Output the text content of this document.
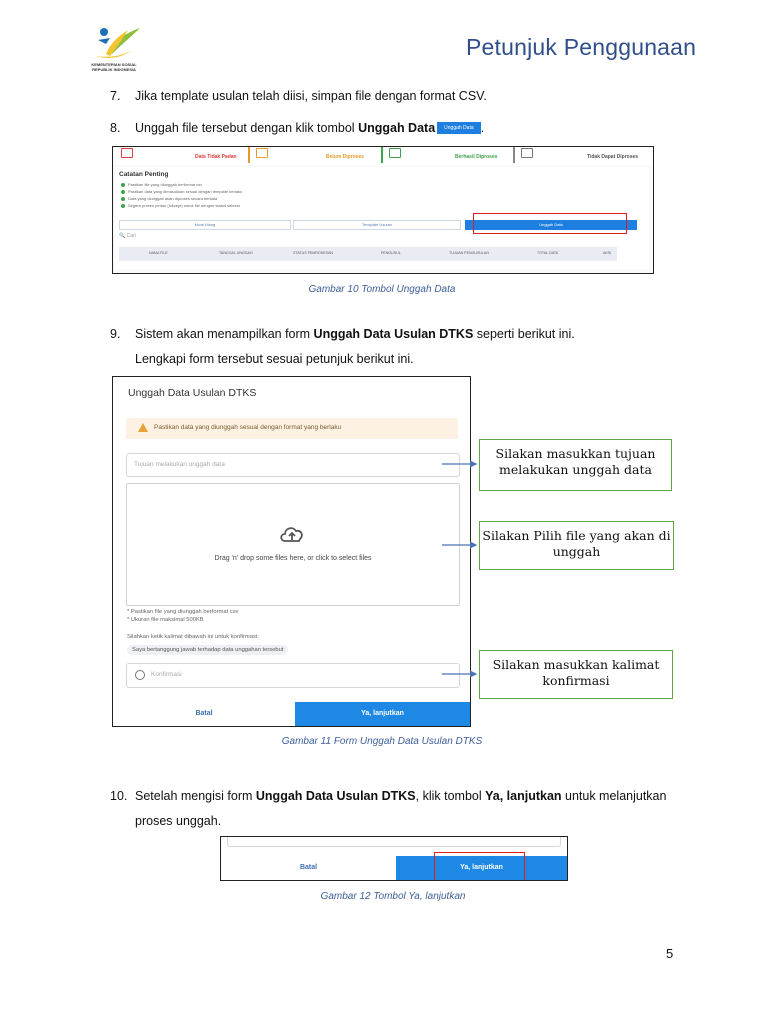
KEMENTERIAN SOSIAL REPUBLIK INDONESIA
Petunjuk Penggunaan
7. Jika template usulan telah diisi, simpan file dengan format CSV.
8. Unggah file tersebut dengan klik tombol Unggah Data Unggah Data .
Data Tidak Padan	Belum Diproses	Berhasil Diproses	Tidak Dapat Diproses
Catatan Penting
Pastikan file yang diunggah berformat csv
Pastikan data yang dimasukkan sesuai dengan template berlaku
Data yang diunggah akan diproses secara berkala
Segera proses pedan (lokcept) untuk file dengan status selesai
Muat Ulang	Template Usulan	Unggah Data
🔍 Cari
NAMA FILE	TANGGAL UNGGAH	STATUS PEMROSESAN	PENGUSUL	TUJUAN PENGUSULAN	TOTAL DATA	AKSI
Gambar 10 Tombol Unggah Data
9. Sistem akan menampilkan form Unggah Data Usulan DTKS seperti berikut ini.
Lengkapi form tersebut sesuai petunjuk berikut ini.
Unggah Data Usulan DTKS
Pastikan data yang diunggah sesuai dengan format yang berlaku
Tujuan melakukan unggah data
Drag 'n' drop some files here, or click to select files
* Pastikan file yang diunggah berformat csv
* Ukuran file maksimal 500KB
Silahkan ketik kalimat dibawah ini untuk konfirmasi:
Saya bertanggung jawab terhadap data unggahan tersebut
Konfirmasi
Batal	Ya, lanjutkan
Gambar 11 Form Unggah Data Usulan DTKS
Silakan masukkan tujuan melakukan unggah data
Silakan Pilih file yang akan di unggah
Silakan masukkan kalimat konfirmasi
10. Setelah mengisi form Unggah Data Usulan DTKS, klik tombol Ya, lanjutkan untuk melanjutkan
proses unggah.
Batal	Ya, lanjutkan
Gambar 12 Tombol Ya, lanjutkan
5
